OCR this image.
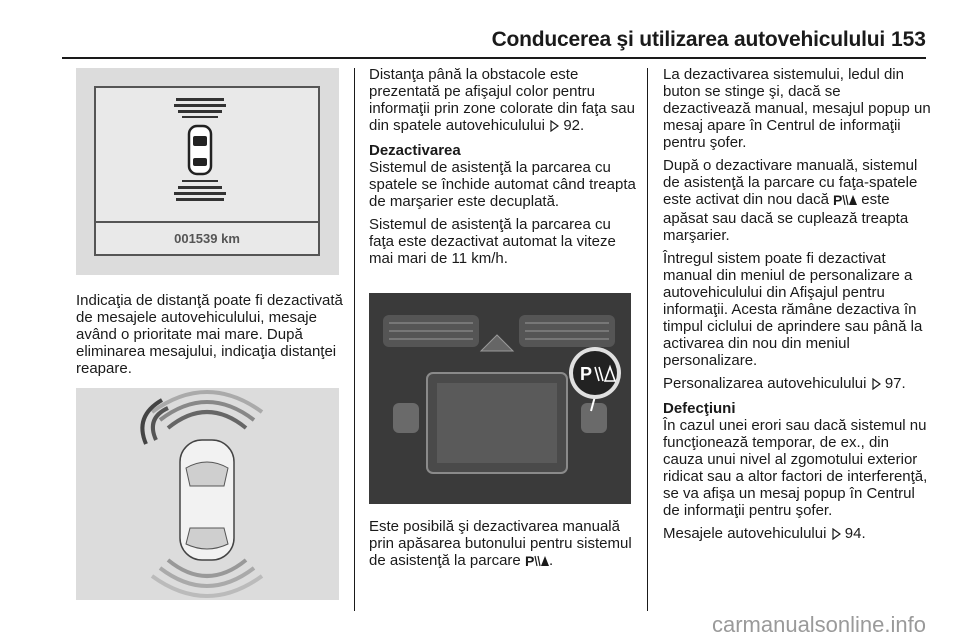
Conducerea şi utilizarea autovehiculului 153
001539 km

Indicaţia de distanţă poate fi dezactivată de mesajele autovehiculului, mesaje având o prioritate mai mare. După eliminarea mesajului, indicaţia distanţei reapare.

Distanţa până la obstacole este prezentată pe afişajul color pentru informaţii prin zone colorate din faţa sau din spatele autovehiculului 92.

Dezactivarea

Sistemul de asistenţă la parcarea cu spatele se închide automat când treapta de marşarier este decuplată.

Sistemul de asistenţă la parcarea cu faţa este dezactivat automat la viteze mai mari de 11 km/h.

P

Este posibilă şi dezactivarea manuală prin apăsarea butonului pentru sistemul de asistenţă la parcare P .

La dezactivarea sistemului, ledul din buton se stinge şi, dacă se dezactivează manual, mesajul popup un mesaj apare în Centrul de informaţii pentru şofer.

După o dezactivare manuală, sistemul de asistenţă la parcare cu faţa-spatele este activat din nou dacă P este apăsat sau dacă se cuplează treapta marşarier.

Întregul sistem poate fi dezactivat manual din meniul de personalizare a autovehiculului din Afişajul pentru informaţii. Acesta rămâne dezactiva în timpul ciclului de aprindere sau până la activarea din nou din meniul personalizare.

Personalizarea autovehiculului 97.

Defecţiuni

În cazul unei erori sau dacă sistemul nu funcţionează temporar, de ex., din cauza unui nivel al zgomotului exterior ridicat sau a altor factori de interferenţă, se va afişa un mesaj popup în Centrul de informaţii pentru şofer.

Mesajele autovehiculului 94.

carmanualsonline.info
